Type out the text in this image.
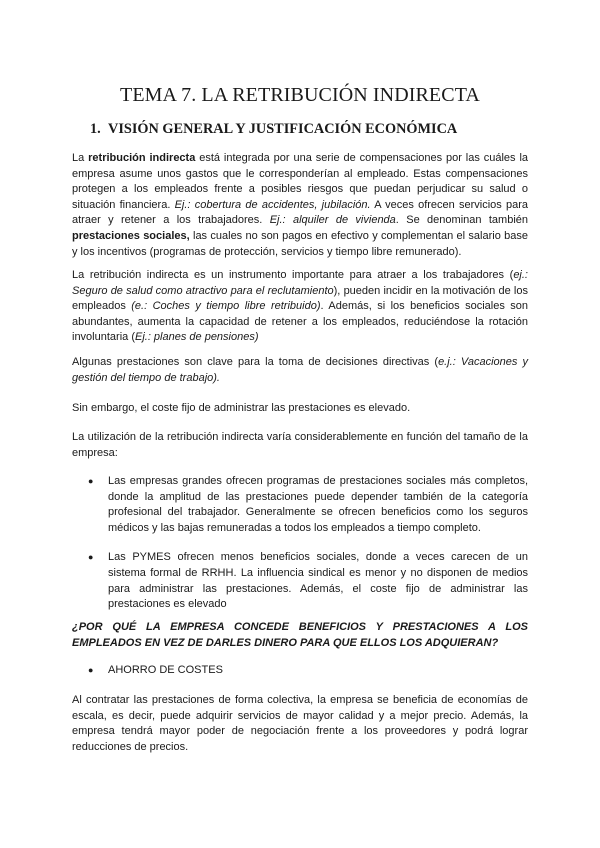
TEMA 7. LA RETRIBUCIÓN INDIRECTA
1. VISIÓN GENERAL Y JUSTIFICACIÓN ECONÓMICA
La retribución indirecta está integrada por una serie de compensaciones por las cuáles la empresa asume unos gastos que le corresponderían al empleado. Estas compensaciones protegen a los empleados frente a posibles riesgos que puedan perjudicar su salud o situación financiera. Ej.: cobertura de accidentes, jubilación. A veces ofrecen servicios para atraer y retener a los trabajadores. Ej.: alquiler de vivienda. Se denominan también prestaciones sociales, las cuales no son pagos en efectivo y complementan el salario base y los incentivos (programas de protección, servicios y tiempo libre remunerado).
La retribución indirecta es un instrumento importante para atraer a los trabajadores (ej.: Seguro de salud como atractivo para el reclutamiento), pueden incidir en la motivación de los empleados (e.: Coches y tiempo libre retribuido). Además, si los beneficios sociales son abundantes, aumenta la capacidad de retener a los empleados, reduciéndose la rotación involuntaria (Ej.: planes de pensiones)
Algunas prestaciones son clave para la toma de decisiones directivas (e.j.: Vacaciones y gestión del tiempo de trabajo).
Sin embargo, el coste fijo de administrar las prestaciones es elevado.
La utilización de la retribución indirecta varía considerablemente en función del tamaño de la empresa:
● Las empresas grandes ofrecen programas de prestaciones sociales más completos, donde la amplitud de las prestaciones puede depender también de la categoría profesional del trabajador. Generalmente se ofrecen beneficios como los seguros médicos y las bajas remuneradas a todos los empleados a tiempo completo.
● Las PYMES ofrecen menos beneficios sociales, donde a veces carecen de un sistema formal de RRHH. La influencia sindical es menor y no disponen de medios para administrar las prestaciones. Además, el coste fijo de administrar las prestaciones es elevado
¿POR QUÉ LA EMPRESA CONCEDE BENEFICIOS Y PRESTACIONES A LOS EMPLEADOS EN VEZ DE DARLES DINERO PARA QUE ELLOS LOS ADQUIERAN?
● AHORRO DE COSTES
Al contratar las prestaciones de forma colectiva, la empresa se beneficia de economías de escala, es decir, puede adquirir servicios de mayor calidad y a mejor precio. Además, la empresa tendrá mayor poder de negociación frente a los proveedores y podrá lograr reducciones de precios.
